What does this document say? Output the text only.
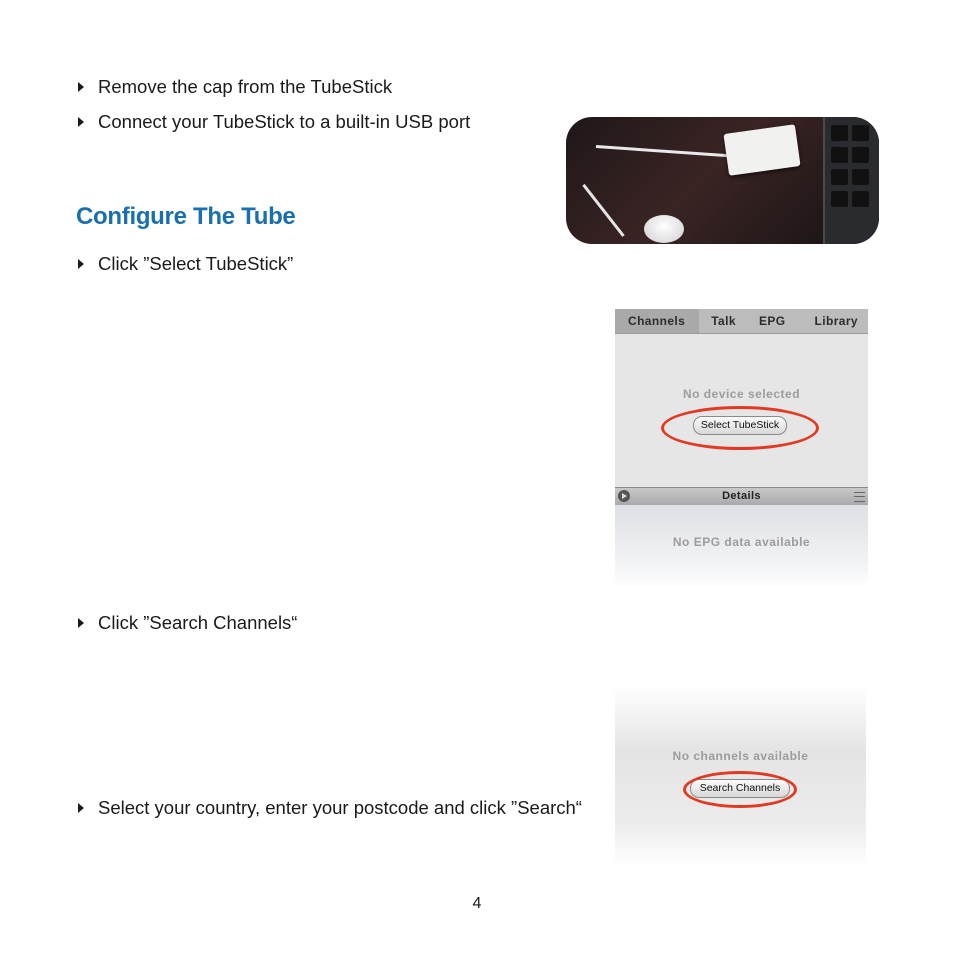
Remove the cap from the TubeStick
Connect your TubeStick to a built-in USB port
Configure The Tube
Click ”Select TubeStick”
Channels	Talk	EPG	Library
No device selected
Select TubeStick
Details
No EPG data available
Click ”Search Channels“
No channels available
Search Channels
Select your country, enter your postcode and click ”Search“
4
